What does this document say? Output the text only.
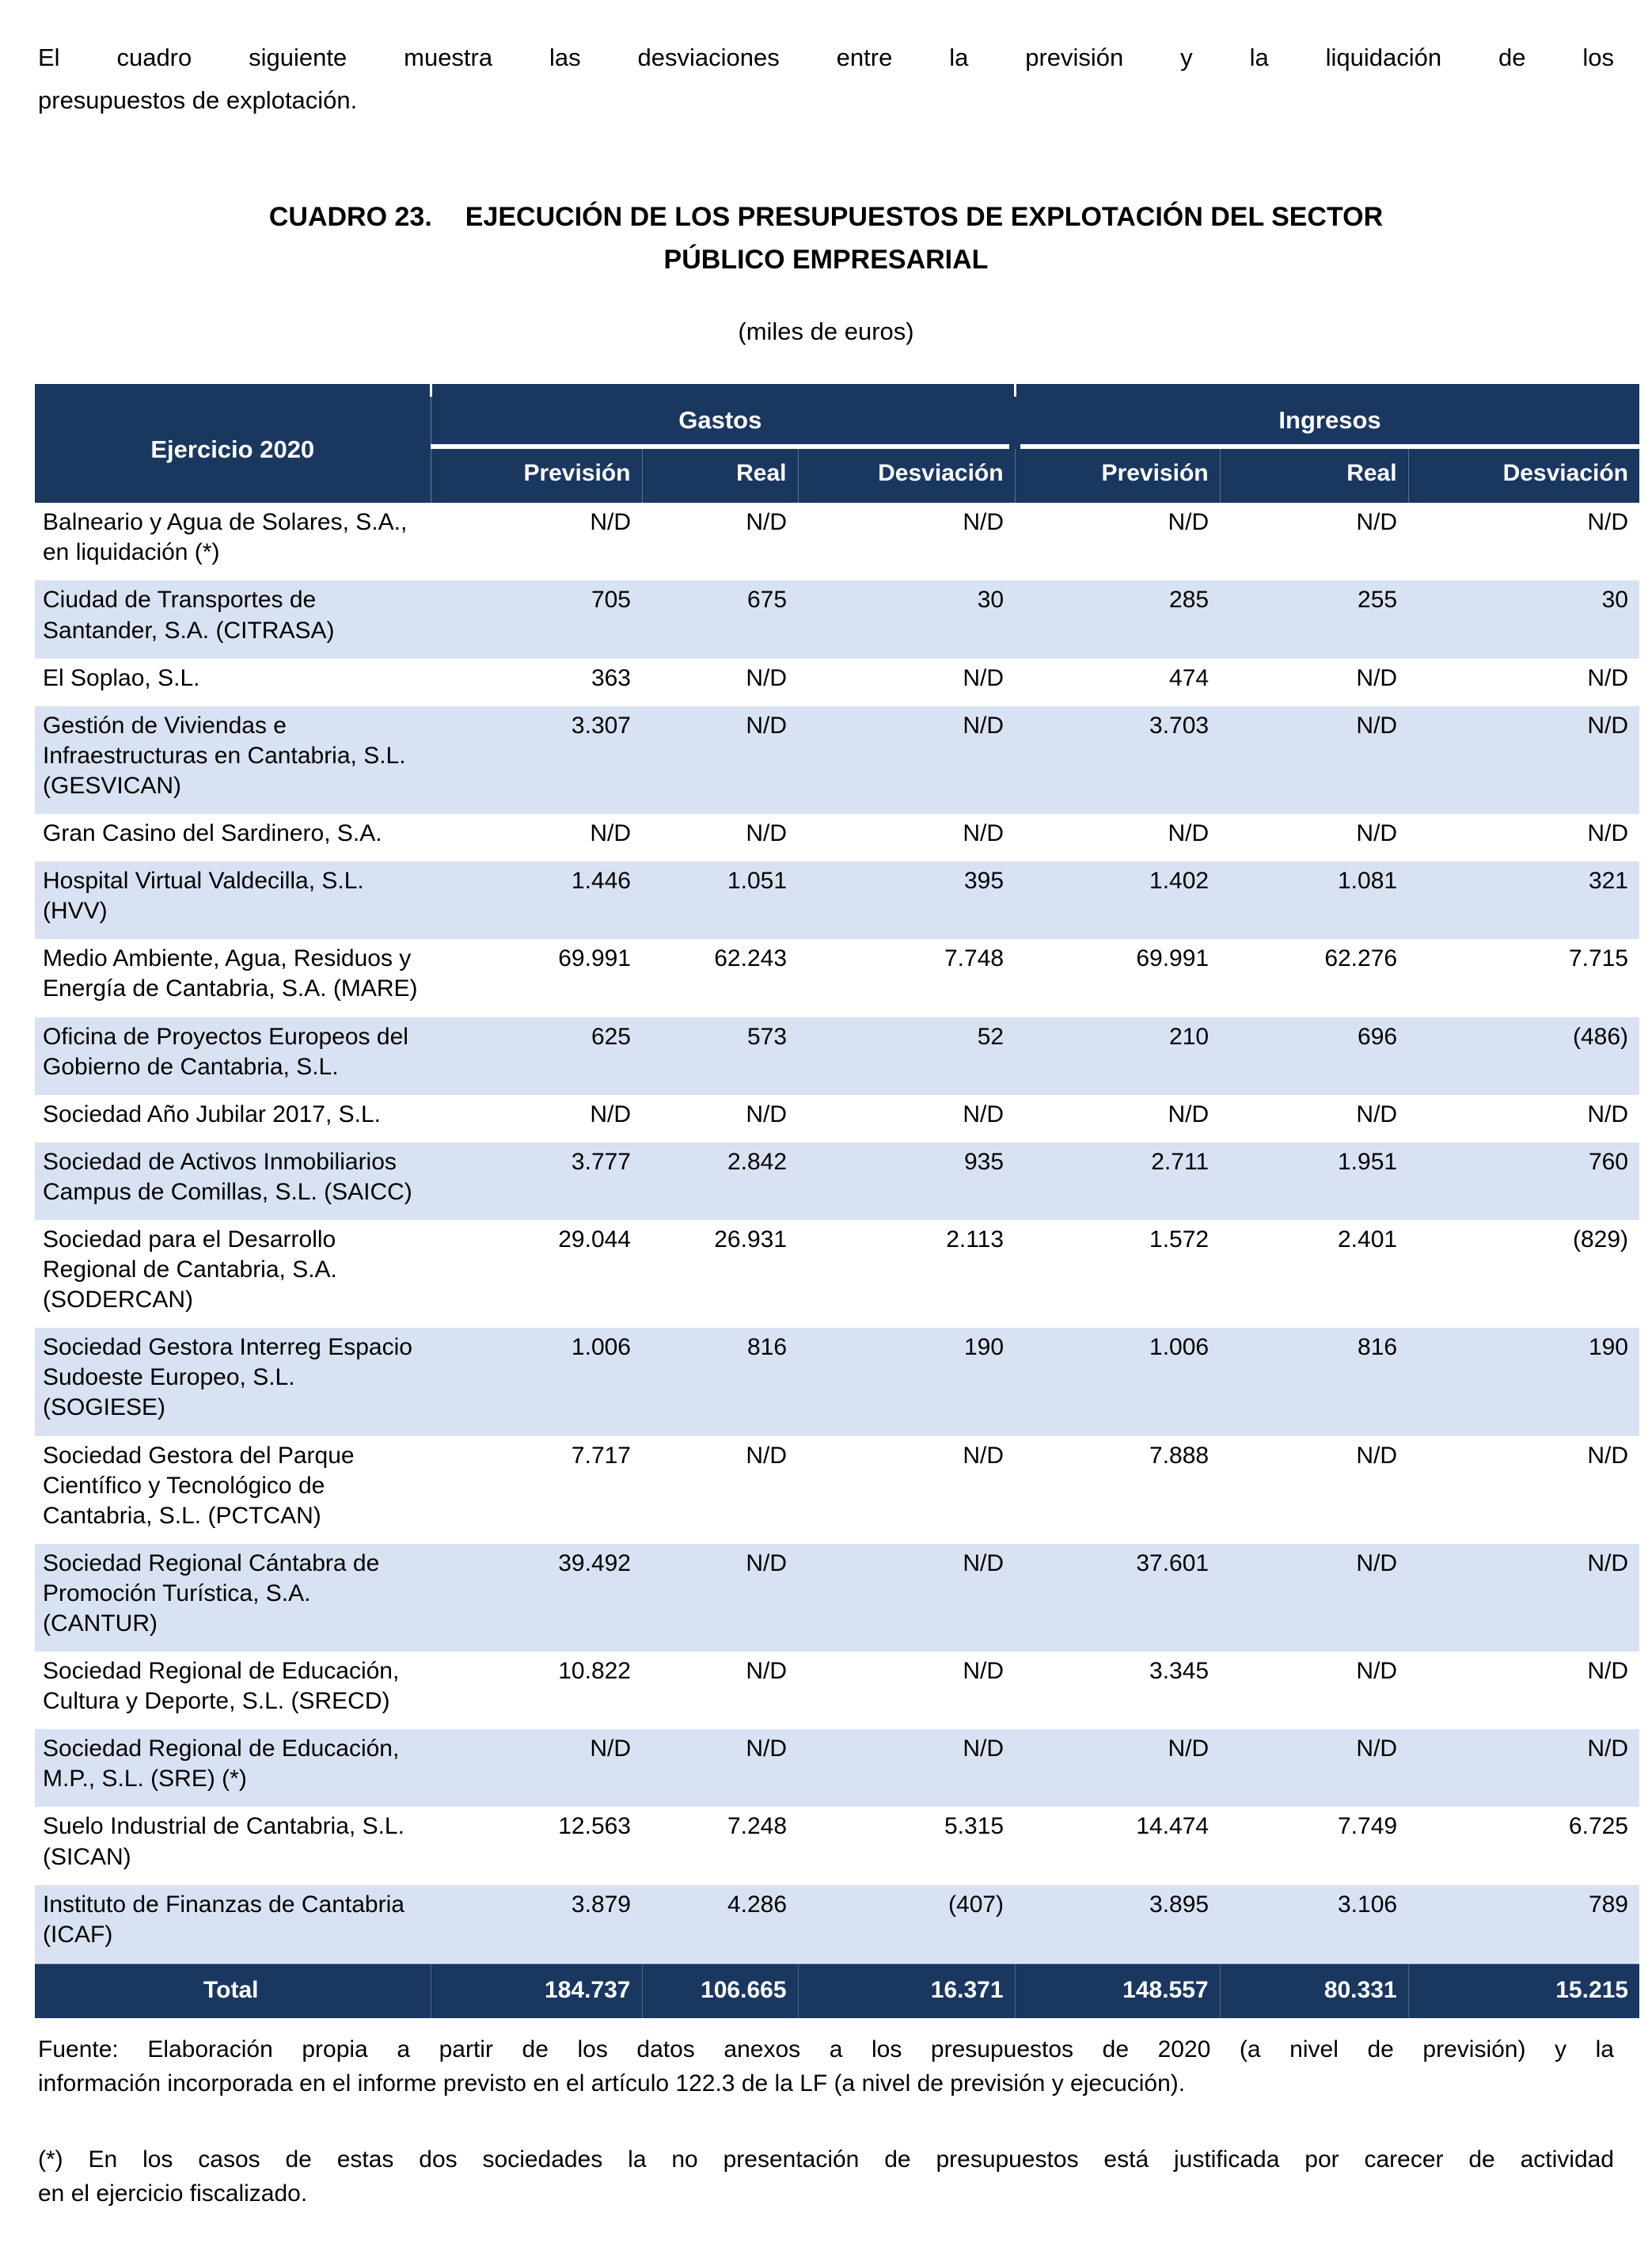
El cuadro siguiente muestra las desviaciones entre la previsión y la liquidación de los
presupuestos de explotación.

CUADRO 23. EJECUCIÓN DE LOS PRESUPUESTOS DE EXPLOTACIÓN DEL SECTOR
PÚBLICO EMPRESARIAL
(miles de euros)

Ejercicio 2020	Gastos			Ingresos		
	Previsión	Real	Desviación	Previsión	Real	Desviación
Balneario y Agua de Solares, S.A., en liquidación (*)	N/D	N/D	N/D	N/D	N/D	N/D
Ciudad de Transportes de Santander, S.A. (CITRASA)	705	675	30	285	255	30
El Soplao, S.L.	363	N/D	N/D	474	N/D	N/D
Gestión de Viviendas e Infraestructuras en Cantabria, S.L. (GESVICAN)	3.307	N/D	N/D	3.703	N/D	N/D
Gran Casino del Sardinero, S.A.	N/D	N/D	N/D	N/D	N/D	N/D
Hospital Virtual Valdecilla, S.L. (HVV)	1.446	1.051	395	1.402	1.081	321
Medio Ambiente, Agua, Residuos y Energía de Cantabria, S.A. (MARE)	69.991	62.243	7.748	69.991	62.276	7.715
Oficina de Proyectos Europeos del Gobierno de Cantabria, S.L.	625	573	52	210	696	(486)
Sociedad Año Jubilar 2017, S.L.	N/D	N/D	N/D	N/D	N/D	N/D
Sociedad de Activos Inmobiliarios Campus de Comillas, S.L. (SAICC)	3.777	2.842	935	2.711	1.951	760
Sociedad para el Desarrollo Regional de Cantabria, S.A. (SODERCAN)	29.044	26.931	2.113	1.572	2.401	(829)
Sociedad Gestora Interreg Espacio Sudoeste Europeo, S.L. (SOGIESE)	1.006	816	190	1.006	816	190
Sociedad Gestora del Parque Científico y Tecnológico de Cantabria, S.L. (PCTCAN)	7.717	N/D	N/D	7.888	N/D	N/D
Sociedad Regional Cántabra de Promoción Turística, S.A. (CANTUR)	39.492	N/D	N/D	37.601	N/D	N/D
Sociedad Regional de Educación, Cultura y Deporte, S.L. (SRECD)	10.822	N/D	N/D	3.345	N/D	N/D
Sociedad Regional de Educación, M.P., S.L. (SRE) (*)	N/D	N/D	N/D	N/D	N/D	N/D
Suelo Industrial de Cantabria, S.L. (SICAN)	12.563	7.248	5.315	14.474	7.749	6.725
Instituto de Finanzas de Cantabria (ICAF)	3.879	4.286	(407)	3.895	3.106	789
Total	184.737	106.665	16.371	148.557	80.331	15.215

Fuente: Elaboración propia a partir de los datos anexos a los presupuestos de 2020 (a nivel de previsión) y la
información incorporada en el informe previsto en el artículo 122.3 de la LF (a nivel de previsión y ejecución).

(*) En los casos de estas dos sociedades la no presentación de presupuestos está justificada por carecer de actividad
en el ejercicio fiscalizado.
